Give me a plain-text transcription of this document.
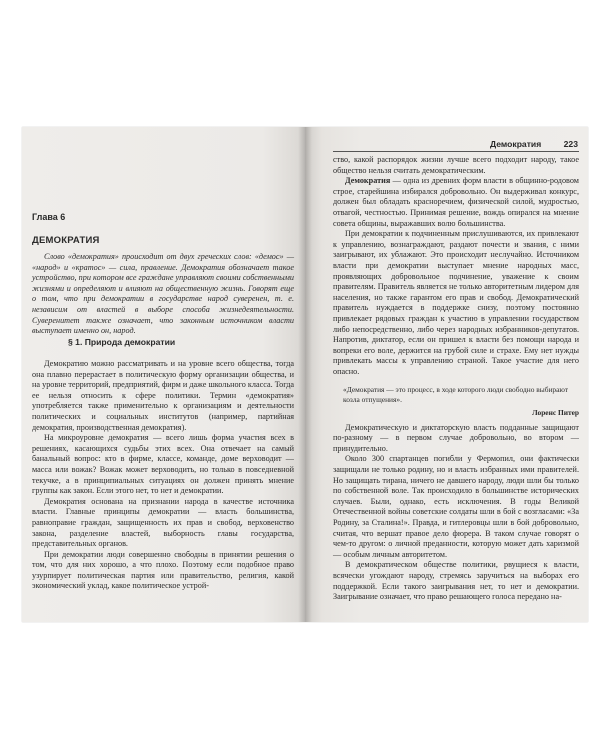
Глава 6
ДЕМОКРАТИЯ

Слово «демократия» происходит от двух греческих слов: «демос» — «народ» и «кратос» — сила, правление. Демократия обозначает такое устройство, при котором все граждане управляют своими собственными жизнями и определяют и влияют на общественную жизнь. Говорят еще о том, что при демократии в государстве народ суверенен, т. е. независим от властей в выборе способа жизнедеятельности. Суверенитет также означает, что законным источником власти выступает именно он, народ.

§ 1. Природа демократии

Демократию можно рассматривать и на уровне всего общества, тогда она плавно перерастает в политическую форму организации общества, и на уровне территорий, предприятий, фирм и даже школьного класса. Тогда ее нельзя относить к сфере политики. Термин «демократия» употребляется также применительно к организациям и деятельности политических и социальных институтов (например, партийная демократия, производственная демократия).

На микроуровне демократия — всего лишь форма участия всех в решениях, касающихся судьбы этих всех. Она отвечает на самый банальный вопрос: кто в фирме, классе, команде, доме верховодит — масса или вожак? Вожак может верховодить, но только в повседневной текучке, а в принципиальных ситуациях он должен принять мнение группы как закон. Если этого нет, то нет и демократии.

Демократия основана на признании народа в качестве источника власти. Главные принципы демократии — власть большинства, равноправие граждан, защищенность их прав и свобод, верховенство закона, разделение властей, выборность главы государства, представительных органов.

При демократии люди совершенно свободны в принятии решения о том, что для них хорошо, а что плохо. Поэтому если подобное право узурпирует политическая партия или правительство, религия, какой экономический уклад, какое политическое устрой-

Демократия	223

ство, какой распорядок жизни лучше всего подходит народу, такое общество нельзя считать демократическим.

Демократия — одна из древних форм власти в общинно-родовом строе, старейшина избирался добровольно. Он выдерживал конкурс, должен был обладать красноречием, физической силой, мудростью, отвагой, честностью. Принимая решение, вождь опирался на мнение совета общины, выражавших волю большинства.

При демократии к подчиненным прислушиваются, их привлекают к управлению, вознаграждают, раздают почести и звания, с ними заигрывают, их ублажают. Это происходит неслучайно. Источником власти при демократии выступает мнение народных масс, проявляющих добровольное подчинение, уважение к своим правителям. Правитель является не только авторитетным лидером для населения, но также гарантом его прав и свобод. Демократический правитель нуждается в поддержке снизу, поэтому постоянно привлекает рядовых граждан к участию в управлении государством либо непосредственно, либо через народных избранников-депутатов. Напротив, диктатор, если он пришел к власти без помощи народа и вопреки его воле, держится на грубой силе и страхе. Ему нет нужды привлекать массы к управлению страной. Такое участие для него опасно.

«Демократия — это процесс, в ходе которого люди свободно выбирают козла отпущения».
Лоренс Питер

Демократическую и диктаторскую власть подданные защищают по-разному — в первом случае добровольно, во втором — принудительно.

Около 300 спартанцев погибли у Фермопил, они фактически защищали не только родину, но и власть избранных ими правителей. Но защищать тирана, ничего не давшего народу, люди шли бы только по собственной воле. Так происходило в большинстве исторических случаев. Были, однако, есть исключения. В годы Великой Отечественной войны советские солдаты шли в бой с возгласами: «За Родину, за Сталина!». Правда, и гитлеровцы шли в бой добровольно, считая, что вершат правое дело фюрера. В таком случае говорят о чем-то другом: о личной преданности, которую может дать харизмой — особым личным авторитетом.

В демократическом обществе политики, рвущиеся к власти, всячески угождают народу, стремясь заручиться на выборах его поддержкой. Если такого заигрывания нет, то нет и демократии. Заигрывание означает, что право решающего голоса передано на-
